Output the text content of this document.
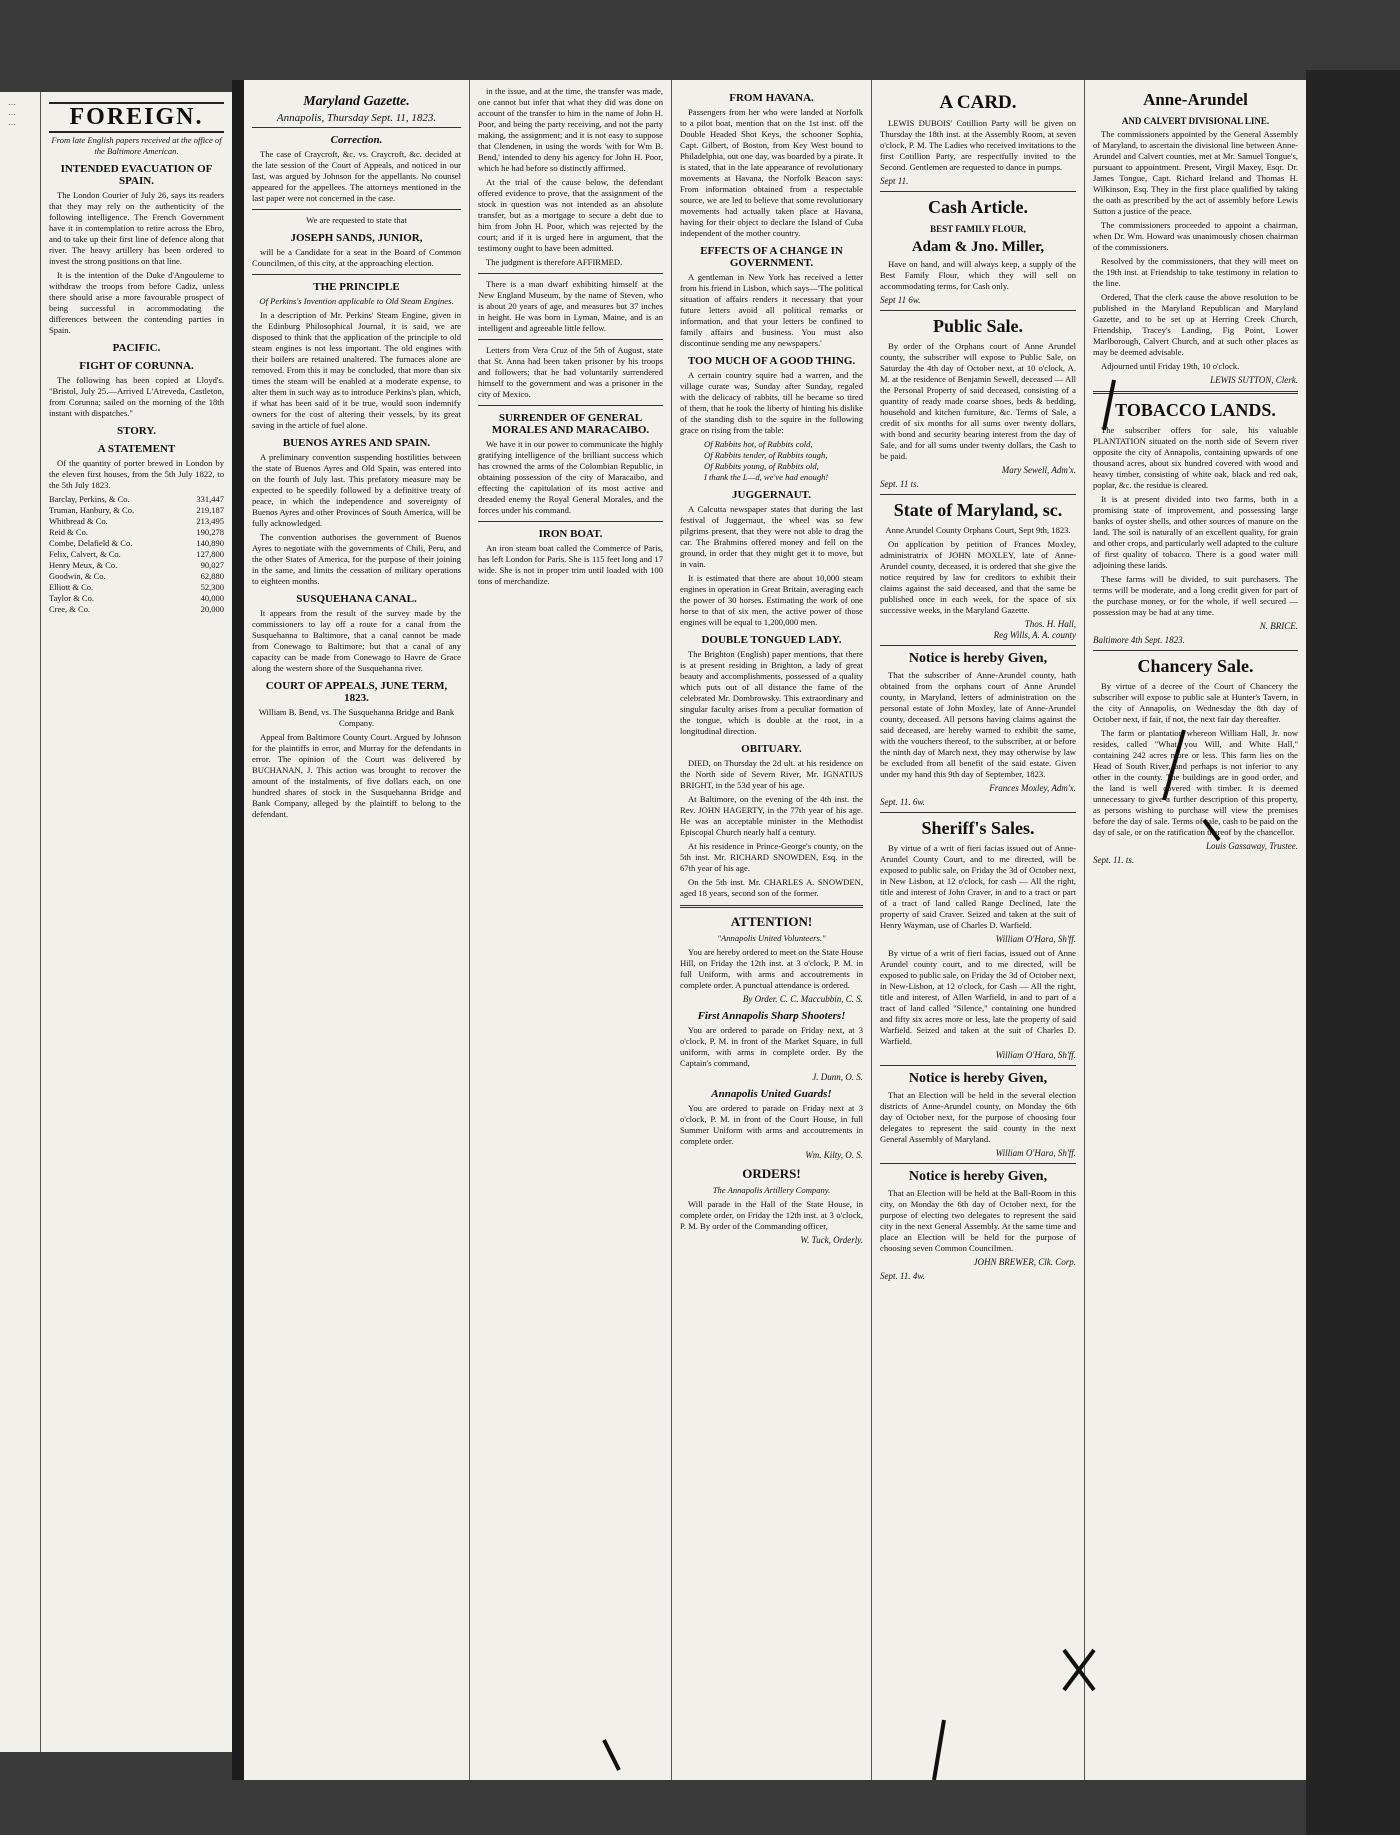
…
…
…	FOREIGN.

From late English papers received at the office of the Baltimore American.

INTENDED EVACUATION OF SPAIN.

The London Courier of July 26, says its readers that they may rely on the authenticity of the following intelligence. The French Government have it in contemplation to retire across the Ebro, and to take up their first line of defence along that river. The heavy artillery has been ordered to invest the strong positions on that line.

It is the intention of the Duke d'Angouleme to withdraw the troops from before Cadiz, unless there should arise a more favourable prospect of being successful in accommodating the differences between the contending parties in Spain.

PACIFIC.
FIGHT OF CORUNNA.

The following has been copied at Lloyd's. "Bristol, July 25.—Arrived L'Atreveda, Castleton, from Corunna; sailed on the morning of the 18th instant with dispatches."

STORY.
A STATEMENT

Of the quantity of porter brewed in London by the eleven first houses, from the 5th July 1822, to the 5th July 1823.

Barclay, Perkins, & Co.	331,447
Truman, Hanbury, & Co.	219,187
Whitbread & Co.	213,495
Reid & Co.	190,278
Combe, Delafield & Co.	140,890
Felix, Calvert, & Co.	127,800
Henry Meux, & Co.	90,027
Goodwin, & Co.	62,880
Elliott & Co.	52,300
Taylor & Co.	40,000
Cree, & Co.	20,000
Maryland Gazette.
Annapolis, Thursday Sept. 11, 1823.
Correction.

The case of Craycroft, &c. vs. Craycroft, &c. decided at the late session of the Court of Appeals, and noticed in our last, was argued by Johnson for the appellants. No counsel appeared for the appellees. The attorneys mentioned in the last paper were not concerned in the case.

We are requested to state that

JOSEPH SANDS, JUNIOR,

will be a Candidate for a seat in the Board of Common Councilmen, of this city, at the approaching election.

THE PRINCIPLE

Of Perkins's Invention applicable to Old Steam Engines.

In a description of Mr. Perkins' Steam Engine, given in the Edinburg Philosophical Journal, it is said, we are disposed to think that the application of the principle to old steam engines is not less important. The old engines with their boilers are retained unaltered. The furnaces alone are removed. From this it may be concluded, that more than six times the steam will be enabled at a moderate expense, to alter them in such way as to introduce Perkins's plan, which, if what has been said of it be true, would soon indemnify owners for the cost of altering their vessels, by its great saving in the article of fuel alone.

BUENOS AYRES AND SPAIN.

A preliminary convention suspending hostilities between the state of Buenos Ayres and Old Spain, was entered into on the fourth of July last. This prefatory measure may be expected to be speedily followed by a definitive treaty of peace, in which the independence and sovereignty of Buenos Ayres and other Provinces of South America, will be fully acknowledged.

The convention authorises the government of Buenos Ayres to negotiate with the governments of Chili, Peru, and the other States of America, for the purpose of their joining in the same, and limits the cessation of military operations to eighteen months.

SUSQUEHANA CANAL.

It appears from the result of the survey made by the commissioners to lay off a route for a canal from the Susquehanna to Baltimore, that a canal cannot be made from Conewago to Baltimore; but that a canal of any capacity can be made from Conewago to Havre de Grace along the western shore of the Susquehanna river.

COURT OF APPEALS, JUNE TERM, 1823.

William B. Bend, vs. The Susquehanna Bridge and Bank Company.

Appeal from Baltimore County Court. Argued by Johnson for the plaintiffs in error, and Murray for the defendants in error. The opinion of the Court was delivered by BUCHANAN, J. This action was brought to recover the amount of the instalments, of five dollars each, on one hundred shares of stock in the Susquehanna Bridge and Bank Company, alleged by the plaintiff to belong to the defendant.

in the issue, and at the time, the transfer was made, one cannot but infer that what they did was done on account of the transfer to him in the name of John H. Poor, and being the party receiving, and not the party making, the assignment; and it is not easy to suppose that Clendenen, in using the words 'with for Wm B. Bend,' intended to deny his agency for John H. Poor, which he had before so distinctly affirmed.

At the trial of the cause below, the defendant offered evidence to prove, that the assignment of the stock in question was not intended as an absolute transfer, but as a mortgage to secure a debt due to him from John H. Poor, which was rejected by the court; and if it is urged here in argument, that the testimony ought to have been admitted.

The judgment is therefore AFFIRMED.

There is a man dwarf exhibiting himself at the New England Museum, by the name of Steven, who is about 20 years of age, and measures but 37 inches in height. He was born in Lyman, Maine, and is an intelligent and agreeable little fellow.

Letters from Vera Cruz of the 5th of August, state that St. Anna had been taken prisoner by his troops and followers; that he had voluntarily surrendered himself to the government and was a prisoner in the city of Mexico.

SURRENDER OF GENERAL MORALES AND MARACAIBO.

We have it in our power to communicate the highly gratifying intelligence of the brilliant success which has crowned the arms of the Colombian Republic, in obtaining possession of the city of Maracaibo, and effecting the capitulation of its most active and dreaded enemy the Royal General Morales, and the forces under his command.

IRON BOAT.

An iron steam boat called the Commerce of Paris, has left London for Paris. She is 115 feet long and 17 wide. She is not in proper trim until loaded with 100 tons of merchandize.

FROM HAVANA.

Passengers from her who were landed at Norfolk to a pilot boat, mention that on the 1st inst. off the Double Headed Shot Keys, the schooner Sophia, Capt. Gilbert, of Boston, from Key West bound to Philadelphia, out one day, was boarded by a pirate. It is stated, that in the late appearance of revolutionary movements at Havana, the Norfolk Beacon says: From information obtained from a respectable source, we are led to believe that some revolutionary movements had actually taken place at Havana, having for their object to declare the Island of Cuba independent of the mother country.

EFFECTS OF A CHANGE IN GOVERNMENT.

A gentleman in New York has received a letter from his friend in Lisbon, which says—'The political situation of affairs renders it necessary that your future letters avoid all political remarks or information, and that your letters be confined to family affairs and business. You must also discontinue sending me any newspapers.'

TOO MUCH OF A GOOD THING.

A certain country squire had a warren, and the village curate was, Sunday after Sunday, regaled with the delicacy of rabbits, till he became so tired of them, that he took the liberty of hinting his dislike of the standing dish to the squire in the following grace on rising from the table:

Of Rabbits hot, of Rabbits cold,
Of Rabbits tender, of Rabbits tough,
Of Rabbits young, of Rabbits old,
I thank the L—d, we've had enough!
JUGGERNAUT.

A Calcutta newspaper states that during the last festival of Juggernaut, the wheel was so few pilgrims present, that they were not able to drag the car. The Brahmins offered money and fell on the ground, in order that they might get it to move, but in vain.

It is estimated that there are about 10,000 steam engines in operation in Great Britain, averaging each the power of 30 horses. Estimating the work of one horse to that of six men, the active power of those engines will be equal to 1,200,000 men.

DOUBLE TONGUED LADY.

The Brighton (English) paper mentions, that there is at present residing in Brighton, a lady of great beauty and accomplishments, possessed of a quality which puts out of all distance the fame of the celebrated Mr. Dombrowsky. This extraordinary and singular faculty arises from a peculiar formation of the tongue, which is double at the root, in a longitudinal direction.

OBITUARY.

DIED, on Thursday the 2d ult. at his residence on the North side of Severn River, Mr. IGNATIUS BRIGHT, in the 53d year of his age.

At Baltimore, on the evening of the 4th inst. the Rev. JOHN HAGERTY, in the 77th year of his age. He was an acceptable minister in the Methodist Episcopal Church nearly half a century.

At his residence in Prince-George's county, on the 5th inst. Mr. RICHARD SNOWDEN, Esq. in the 67th year of his age.

On the 5th inst. Mr. CHARLES A. SNOWDEN, aged 18 years, second son of the former.

ATTENTION!

"Annapolis United Volunteers."

You are hereby ordered to meet on the State House Hill, on Friday the 12th inst. at 3 o'clock, P. M. in full Uniform, with arms and accoutrements in complete order. A punctual attendance is ordered.

By Order. C. C. Maccubbin, C. S.
First Annapolis Sharp Shooters!

You are ordered to parade on Friday next, at 3 o'clock, P. M. in front of the Market Square, in full uniform, with arms in complete order. By the Captain's command,

J. Dunn, O. S.
Annapolis United Guards!

You are ordered to parade on Friday next at 3 o'clock, P. M. in front of the Court House, in full Summer Uniform with arms and accoutrements in complete order.

Wm. Kilty, O. S.
ORDERS!

The Annapolis Artillery Company.

Will parade in the Hall of the State House, in complete order, on Friday the 12th inst. at 3 o'clock, P. M. By order of the Commanding officer,

W. Tuck, Orderly.
A CARD.

LEWIS DUBOIS' Cotillion Party will be given on Thursday the 18th inst. at the Assembly Room, at seven o'clock, P. M. The Ladies who received invitations to the first Cotillion Party, are respectfully invited to the Second. Gentlemen are requested to dance in pumps.

Sept 11.
Cash Article.
BEST FAMILY FLOUR,
Adam & Jno. Miller,

Have on hand, and will always keep, a supply of the Best Family Flour, which they will sell on accommodating terms, for Cash only.

Sept 11 6w.
Public Sale.

By order of the Orphans court of Anne Arundel county, the subscriber will expose to Public Sale, on Saturday the 4th day of October next, at 10 o'clock, A. M. at the residence of Benjamin Sewell, deceased — All the Personal Property of said deceased, consisting of a quantity of ready made coarse shoes, beds & bedding, household and kitchen furniture, &c. Terms of Sale, a credit of six months for all sums over twenty dollars, with bond and security bearing interest from the day of Sale, and for all sums under twenty dollars, the Cash to be paid.

Mary Sewell, Adm'x.
Sept. 11 ts.
State of Maryland, sc.

Anne Arundel County Orphans Court, Sept 9th, 1823.

On application by petition of Frances Moxley, administratrix of JOHN MOXLEY, late of Anne-Arundel county, deceased, it is ordered that she give the notice required by law for creditors to exhibit their claims against the said deceased, and that the same be published once in each week, for the space of six successive weeks, in the Maryland Gazette.

Thos. H. Hall,
Reg Wills, A. A. county
Notice is hereby Given,

That the subscriber of Anne-Arundel county, hath obtained from the orphans court of Anne Arundel county, in Maryland, letters of administration on the personal estate of John Moxley, late of Anne-Arundel county, deceased. All persons having claims against the said deceased, are hereby warned to exhibit the same, with the vouchers thereof, to the subscriber, at or before the ninth day of March next, they may otherwise by law be excluded from all benefit of the said estate. Given under my hand this 9th day of September, 1823.

Frances Moxley, Adm'x.
Sept. 11. 6w.
Sheriff's Sales.

By virtue of a writ of fieri facias issued out of Anne-Arundel County Court, and to me directed, will be exposed to public sale, on Friday the 3d of October next, in New Lisbon, at 12 o'clock, for cash — All the right, title and interest of John Craver, in and to a tract or part of a tract of land called Range Declined, late the property of said Craver. Seized and taken at the suit of Henry Wayman, use of Charles D. Warfield.

William O'Hara, Sh'ff.

By virtue of a writ of fieri facias, issued out of Anne Arundel county court, and to me directed, will be exposed to public sale, on Friday the 3d of October next, in New-Lisbon, at 12 o'clock, for Cash — All the right, title and interest, of Allen Warfield, in and to part of a tract of land called "Silence," containing one hundred and fifty six acres more or less, late the property of said Warfield. Seized and taken at the suit of Charles D. Warfield.

William O'Hara, Sh'ff.
Notice is hereby Given,

That an Election will be held in the several election districts of Anne-Arundel county, on Monday the 6th day of October next, for the purpose of choosing four delegates to represent the said county in the next General Assembly of Maryland.

William O'Hara, Sh'ff.
Notice is hereby Given,

That an Election will be held at the Ball-Room in this city, on Monday the 6th day of October next, for the purpose of electing two delegates to represent the said city in the next General Assembly. At the same time and place an Election will be held for the purpose of choosing seven Common Councilmen.

JOHN BREWER, Clk. Corp.
Sept. 11. 4w.
Anne-Arundel
AND CALVERT DIVISIONAL LINE.

The commissioners appointed by the General Assembly of Maryland, to ascertain the divisional line between Anne-Arundel and Calvert counties, met at Mr. Samuel Tongue's, pursuant to appointment. Present, Virgil Maxey, Esqr. Dr. James Tongue, Capt. Richard Ireland and Thomas H. Wilkinson, Esq. They in the first place qualified by taking the oath as prescribed by the act of assembly before Lewis Sutton a justice of the peace.

The commissioners proceeded to appoint a chairman, when Dr. Wm. Howard was unanimously chosen chairman of the commissioners.

Resolved by the commissioners, that they will meet on the 19th inst. at Friendship to take testimony in relation to the line.

Ordered, That the clerk cause the above resolution to be published in the Maryland Republican and Maryland Gazette, and to be set up at Herring Creek Church, Friendship, Tracey's Landing, Fig Point, Lower Marlborough, Calvert Church, and at such other places as may be deemed advisable.

Adjourned until Friday 19th, 10 o'clock.

LEWIS SUTTON, Clerk.
TOBACCO LANDS.

The subscriber offers for sale, his valuable PLANTATION situated on the north side of Severn river opposite the city of Annapolis, containing upwards of one thousand acres, about six hundred covered with wood and heavy timber, consisting of white oak, black and red oak, poplar, &c. the residue is cleared.

It is at present divided into two farms, both in a promising state of improvement, and possessing large banks of oyster shells, and other sources of manure on the land. The soil is naturally of an excellent quality, for grain and other crops, and particularly well adapted to the culture of first quality of tobacco. There is a good water mill adjoining these lands.

These farms will be divided, to suit purchasers. The terms will be moderate, and a long credit given for part of the purchase money, or for the whole, if well secured — possession may be had at any time.

N. BRICE.
Baltimore 4th Sept. 1823.
Chancery Sale.

By virtue of a decree of the Court of Chancery the subscriber will expose to public sale at Hunter's Tavern, in the city of Annapolis, on Wednesday the 8th day of October next, if fair, if not, the next fair day thereafter.

The farm or plantation whereon William Hall, Jr. now resides, called "What you Will, and White Hall," containing 242 acres more or less. This farm lies on the Head of South River, and perhaps is not inferior to any other in the county. The buildings are in good order, and the land is well covered with timber. It is deemed unnecessary to give a further description of this property, as persons wishing to purchase will view the premises before the day of sale. Terms of sale, cash to be paid on the day of sale, or on the ratification thereof by the chancellor.

Louis Gassaway, Trustee.
Sept. 11. ts.
